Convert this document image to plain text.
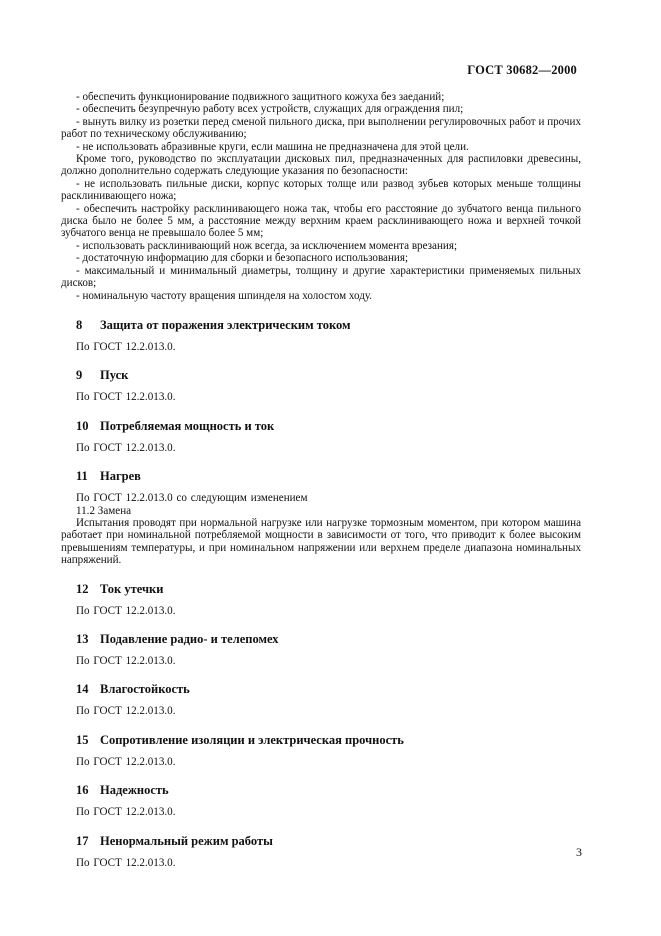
ГОСТ 30682—2000

- обеспечить функционирование подвижного защитного кожуха без заеданий;

- обеспечить безупречную работу всех устройств, служащих для ограждения пил;

- вынуть вилку из розетки перед сменой пильного диска, при выполнении регулировочных работ и прочих работ по техническому обслуживанию;

- не использовать абразивные круги, если машина не предназначена для этой цели.

Кроме того, руководство по эксплуатации дисковых пил, предназначенных для распиловки древесины, должно дополнительно содержать следующие указания по безопасности:

- не использовать пильные диски, корпус которых толще или развод зубьев которых меньше толщины расклинивающего ножа;

- обеспечить настройку расклинивающего ножа так, чтобы его расстояние до зубчатого венца пильного диска было не более 5 мм, а расстояние между верхним краем расклинивающего ножа и верхней точкой зубчатого венца не превышало более 5 мм;

- использовать расклинивающий нож всегда, за исключением момента врезания;

- достаточную информацию для сборки и безопасного использования;

- максимальный и минимальный диаметры, толщину и другие характеристики применяемых пильных дисков;

- номинальную частоту вращения шпинделя на холостом ходу.

8 Защита от поражения электрическим током

По ГОСТ 12.2.013.0.

9 Пуск

По ГОСТ 12.2.013.0.

10 Потребляемая мощность и ток

По ГОСТ 12.2.013.0.

11 Нагрев

По ГОСТ 12.2.013.0 со следующим изменением

11.2 Замена

Испытания проводят при нормальной нагрузке или нагрузке тормозным моментом, при котором машина работает при номинальной потребляемой мощности в зависимости от того, что приводит к более высоким превышениям температуры, и при номинальном напряжении или верхнем пределе диапазона номинальных напряжений.

12 Ток утечки

По ГОСТ 12.2.013.0.

13 Подавление радио- и телепомех

По ГОСТ 12.2.013.0.

14 Влагостойкость

По ГОСТ 12.2.013.0.

15 Сопротивление изоляции и электрическая прочность

По ГОСТ 12.2.013.0.

16 Надежность

По ГОСТ 12.2.013.0.

17 Ненормальный режим работы

По ГОСТ 12.2.013.0.

3
